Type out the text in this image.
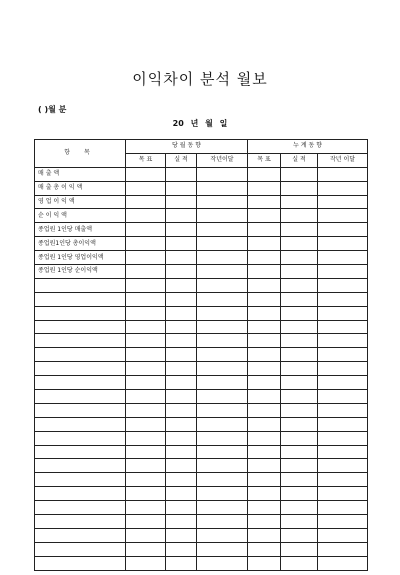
이익차이 분석 월보
( )월 분
20 년 월 일
항 목	당 월 동 향			누 계 동 향		
	목 표	실 적	작년이달	목 표	실 적	작년 이달
매 출 액						
매 출 총 이 익 액						
영 업 이 익 액						
순 이 익 액						
종업원 1인당 매출액						
종업원1인당 총이익액						
종업원 1인당 영업이익액						
종업원 1인당 순이익액						
